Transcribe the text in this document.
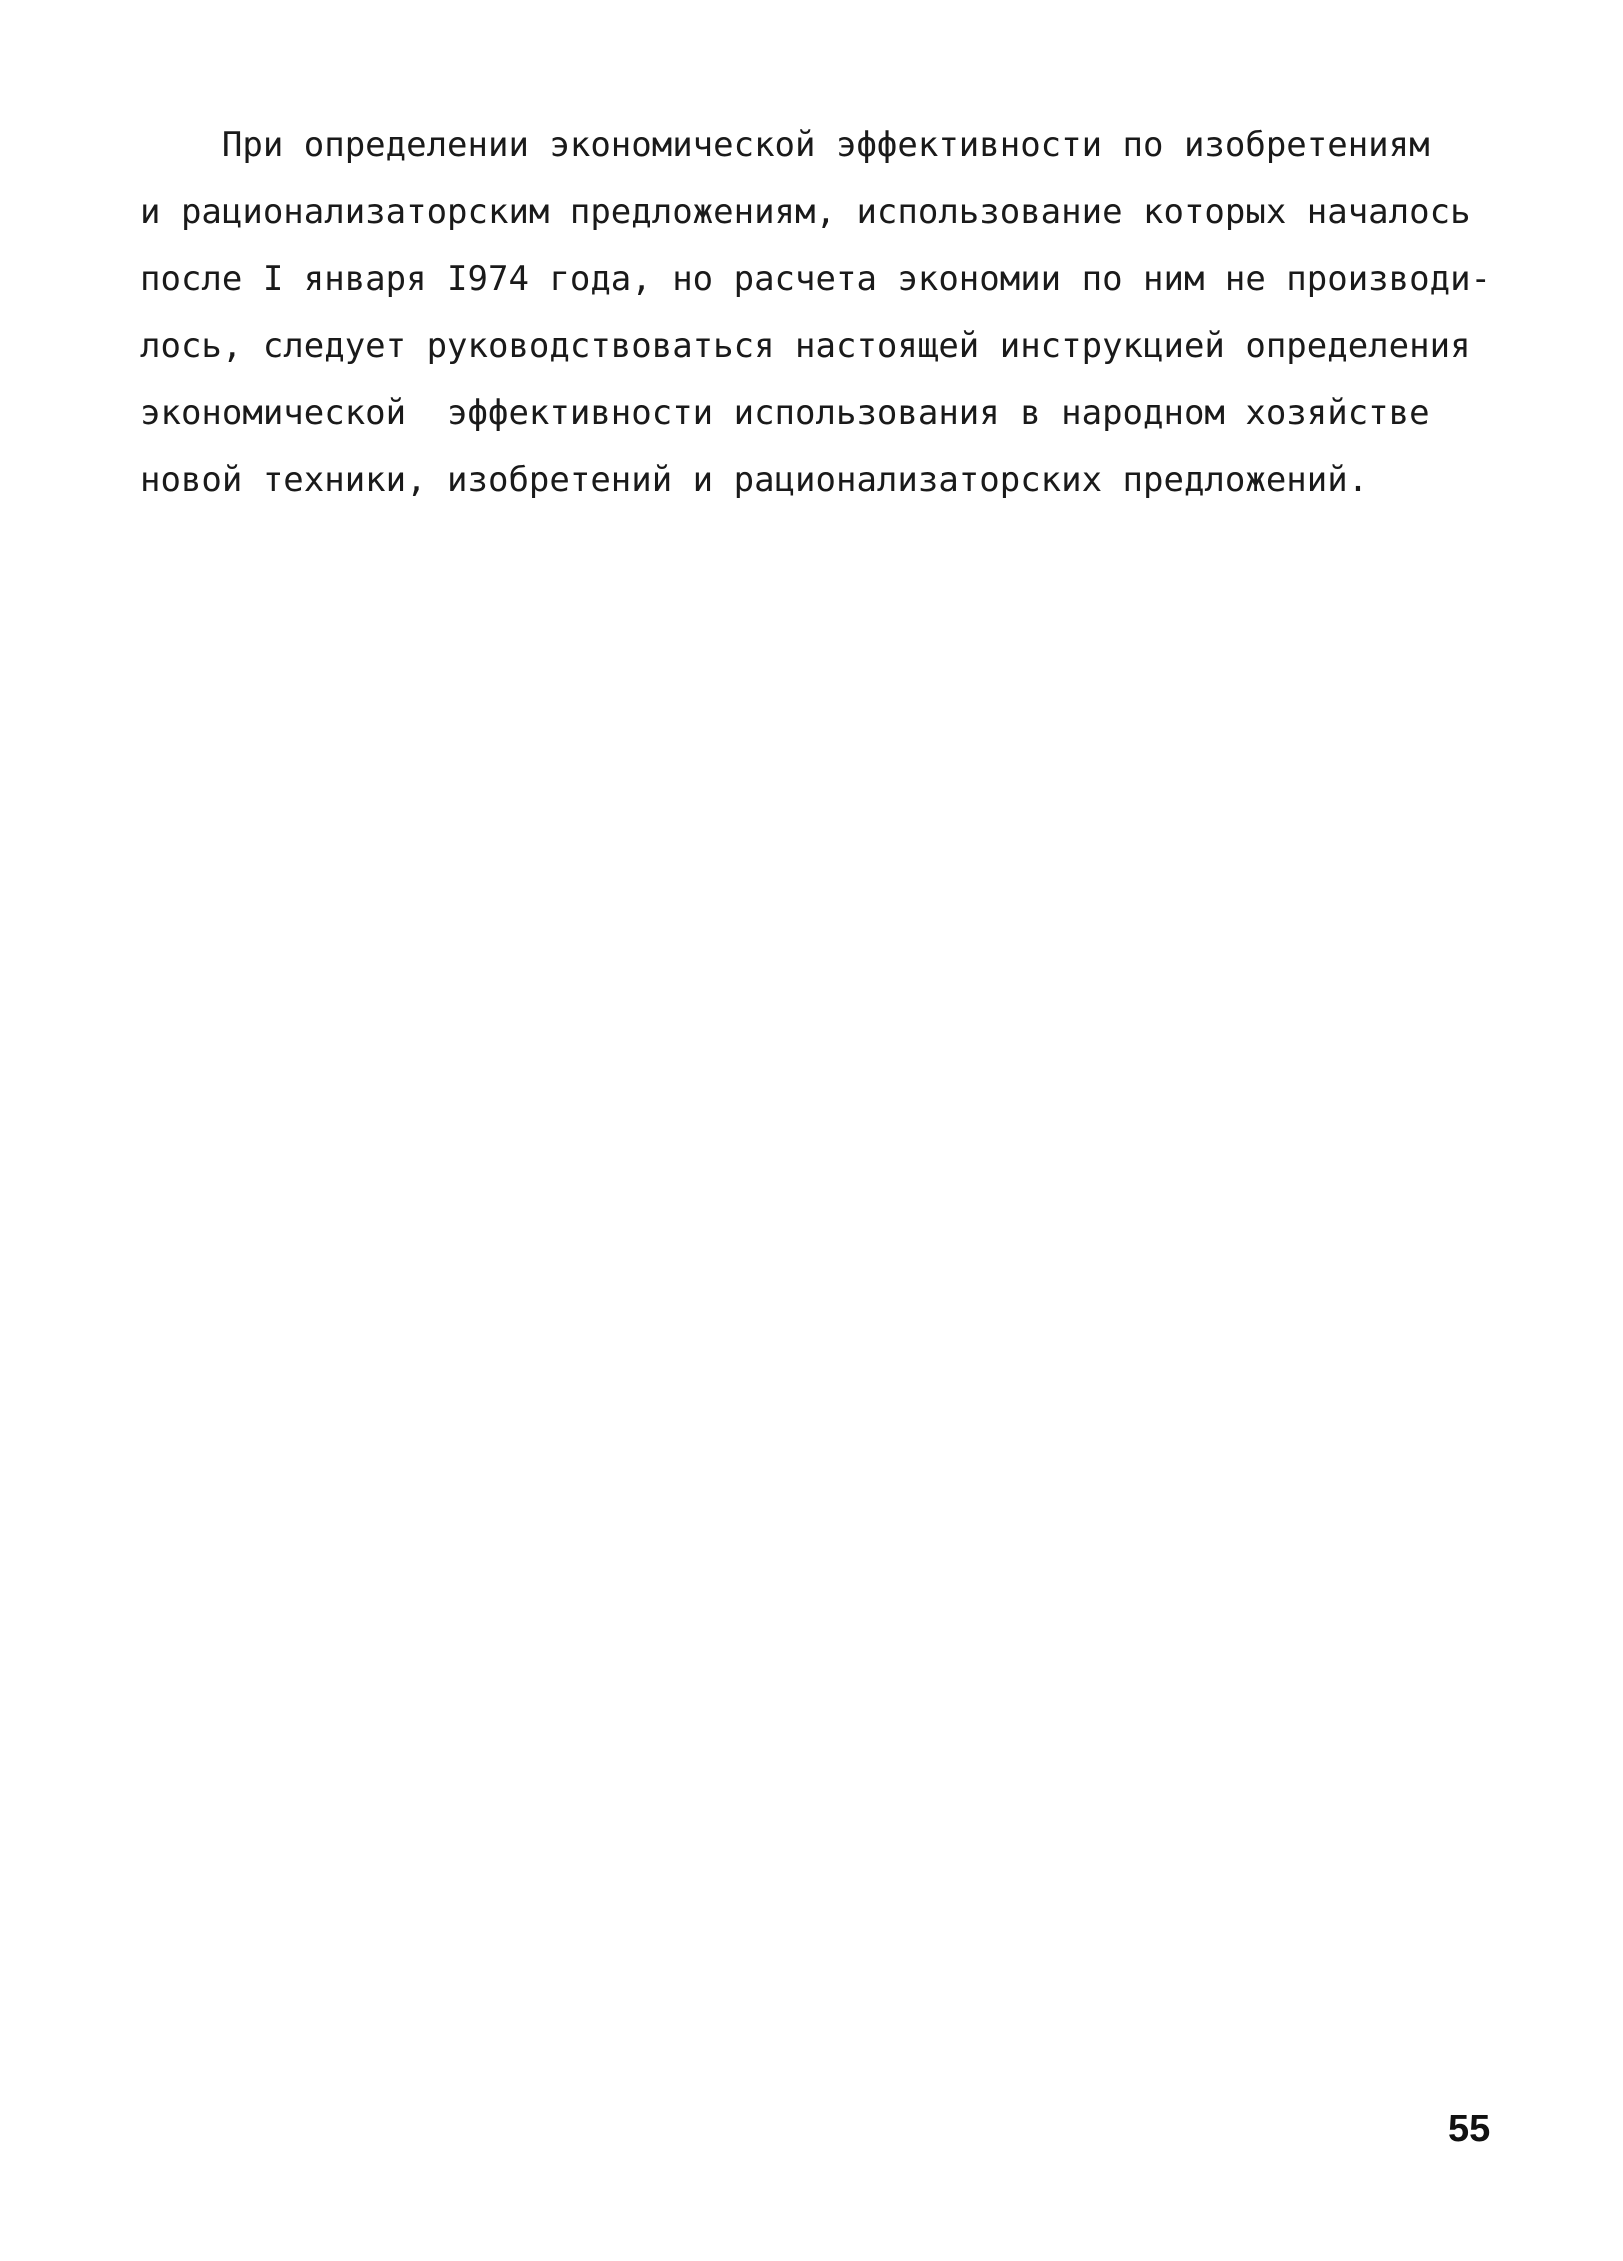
При определении экономической эффективности по изобретениям
и рационализаторским предложениям, использование которых началось
после I января I974 года, но расчета экономии по ним не производи-
лось, следует руководствоваться настоящей инструкцией определения
экономической  эффективности использования в народном хозяйстве
новой техники, изобретений и рационализаторских предложений.

55
